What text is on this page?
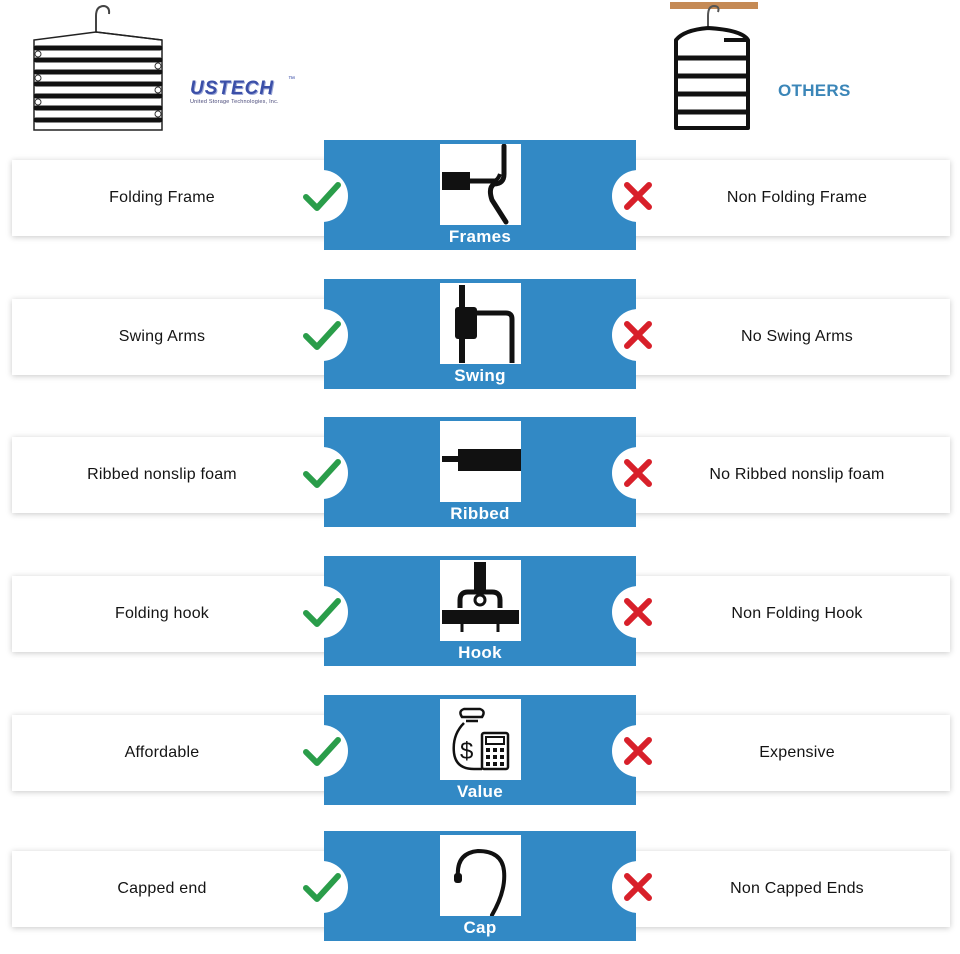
USTECH	™
United Storage Technologies, Inc.
OTHERS
Folding Frame	Non Folding Frame
Frames
Swing Arms	No Swing Arms
Swing
Ribbed nonslip foam	No Ribbed nonslip foam
Ribbed
Folding hook	Non Folding Hook
Hook
Affordable	Expensive
$
Value
Capped end	Non Capped Ends
Cap
